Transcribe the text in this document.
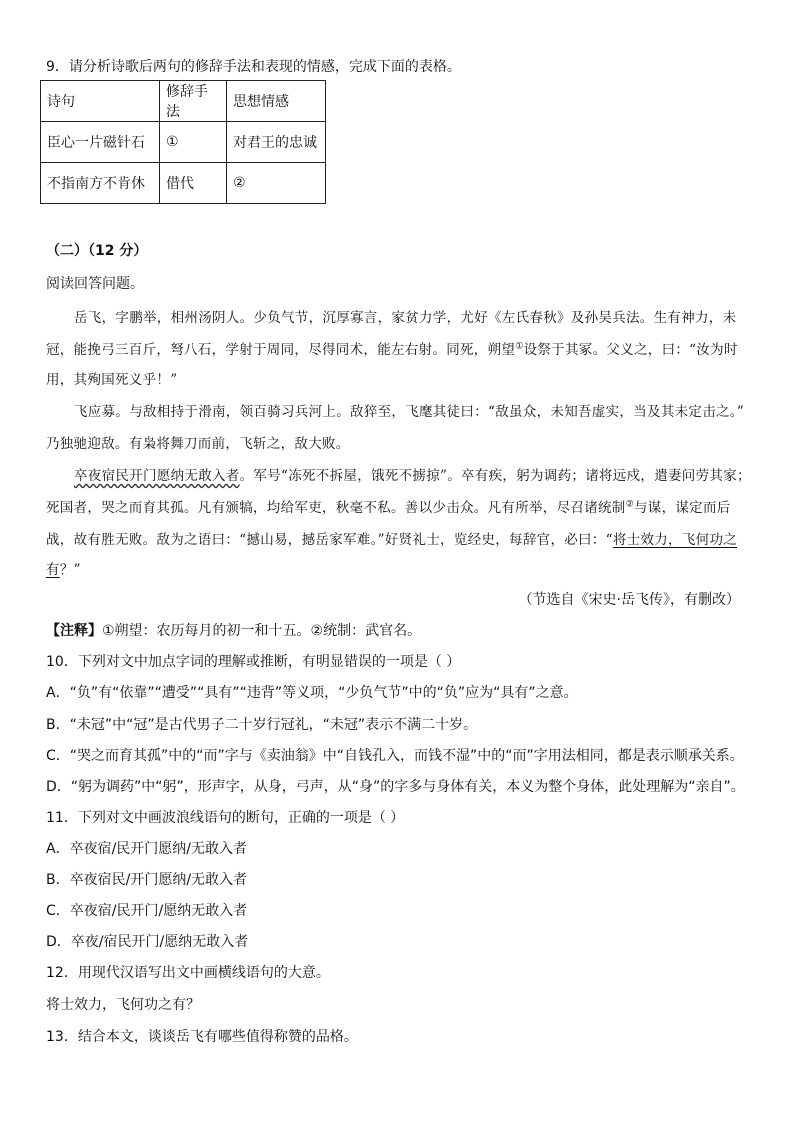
9．请分析诗歌后两句的修辞手法和表现的情感，完成下面的表格。
诗句	修辞手法	思想情感
臣心一片磁针石	①	对君王的忠诚
不指南方不肯休	借代	②
（二）（12 分）
阅读回答问题。
岳飞，字鹏举，相州汤阴人。少负气节，沉厚寡言，家贫力学，尤好《左氏春秋》及孙吴兵法。生有神力，未
冠，能挽弓三百斤，弩八石，学射于周同，尽得同术，能左右射。同死，朔望①设祭于其冢。父义之，曰：“汝为时
用，其殉国死义乎！”
飞应募。与敌相持于滑南，领百骑习兵河上。敌猝至，飞麾其徒曰：“敌虽众，未知吾虚实，当及其未定击之。”
乃独驰迎敌。有枭将舞刀而前，飞斩之，敌大败。
卒夜宿民开门愿纳无敢入者。军号“冻死不拆屋，饿死不掳掠”。卒有疾，躬为调药；诸将远戍，遣妻问劳其家；
死国者，哭之而育其孤。凡有颁犒，均给军吏，秋毫不私。善以少击众。凡有所举，尽召诸统制②与谋，谋定而后
战，故有胜无败。敌为之语曰：“撼山易，撼岳家军难。”好贤礼士，览经史，每辞官，必曰：“将士效力，飞何功之
有？”
（节选自《宋史·岳飞传》，有删改）
【注释】①朔望：农历每月的初一和十五。②统制：武官名。
10．下列对文中加点字词的理解或推断，有明显错误的一项是（ ）
A．“负”有“依靠”“遭受”“具有”“违背”等义项，“少负气节”中的“负”应为“具有”之意。
B．“未冠”中“冠”是古代男子二十岁行冠礼，“未冠”表示不满二十岁。
C．“哭之而育其孤”中的“而”字与《卖油翁》中“自钱孔入，而钱不湿”中的“而”字用法相同，都是表示顺承关系。
D．“躬为调药”中“躬”，形声字，从身，弓声，从“身”的字多与身体有关，本义为整个身体，此处理解为“亲自”。
11．下列对文中画波浪线语句的断句，正确的一项是（ ）
A．卒夜宿/民开门愿纳/无敢入者
B．卒夜宿民/开门愿纳/无敢入者
C．卒夜宿/民开门/愿纳无敢入者
D．卒夜/宿民开门/愿纳无敢入者
12．用现代汉语写出文中画横线语句的大意。
将士效力，飞何功之有？
13．结合本文，谈谈岳飞有哪些值得称赞的品格。
